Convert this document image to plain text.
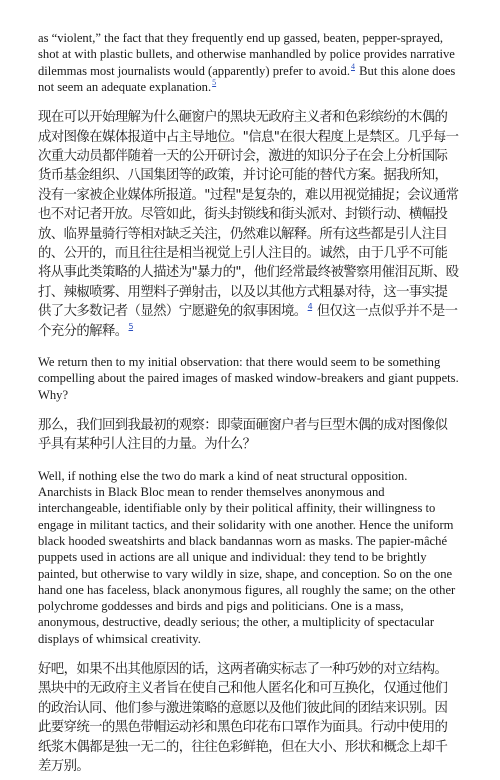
as “violent,” the fact that they frequently end up gassed, beaten, pepper-sprayed, shot at with plastic bullets, and otherwise manhandled by police provides narrative dilemmas most journalists would (apparently) prefer to avoid.$^4$ But this alone does not seem an adequate explanation.$^5$

现在可以开始理解为什么砸窗户的黑块无政府主义者和色彩缤纷的木偶的成对图像在媒体报道中占主导地位。"信息"在很大程度上是禁区。几乎每一次重大动员都伴随着一天的公开研讨会，激进的知识分子在会上分析国际货币基金组织、八国集团等的政策，并讨论可能的替代方案。据我所知，没有一家被企业媒体所报道。"过程"是复杂的，难以用视觉捕捉；会议通常也不对记者开放。尽管如此，街头封锁线和街头派对、封锁行动、横幅投放、临界量骑行等相对缺乏关注，仍然难以解释。所有这些都是引人注目的、公开的，而且往往是相当视觉上引人注目的。诚然，由于几乎不可能将从事此类策略的人描述为"暴力的"，他们经常最终被警察用催泪瓦斯、殴打、辣椒喷雾、用塑料子弹射击，以及以其他方式粗暴对待，这一事实提供了大多数记者（显然）宁愿避免的叙事困境。$^4$ 但仅这一点似乎并不是一个充分的解释。$^5$

We return then to my initial observation: that there would seem to be something compelling about the paired images of masked window-breakers and giant puppets. Why?

那么，我们回到我最初的观察：即蒙面砸窗户者与巨型木偶的成对图像似乎具有某种引人注目的力量。为什么？

Well, if nothing else the two do mark a kind of neat structural opposition. Anarchists in Black Bloc mean to render themselves anonymous and interchangeable, identifiable only by their political affinity, their willingness to engage in militant tactics, and their solidarity with one another. Hence the uniform black hooded sweatshirts and black bandannas worn as masks. The papier-mâché puppets used in actions are all unique and individual: they tend to be brightly painted, but otherwise to vary wildly in size, shape, and conception. So on the one hand one has faceless, black anonymous figures, all roughly the same; on the other polychrome goddesses and birds and pigs and politicians. One is a mass, anonymous, destructive, deadly serious; the other, a multiplicity of spectacular displays of whimsical creativity.

好吧，如果不出其他原因的话，这两者确实标志了一种巧妙的对立结构。黑块中的无政府主义者旨在使自己和他人匿名化和可互换化，仅通过他们的政治认同、他们参与激进策略的意愿以及他们彼此间的团结来识别。因此要穿统一的黑色带帽运动衫和黑色印花布口罩作为面具。行动中使用的纸浆木偶都是独一无二的，往往色彩鲜艳，但在大小、形状和概念上却千差万别。
